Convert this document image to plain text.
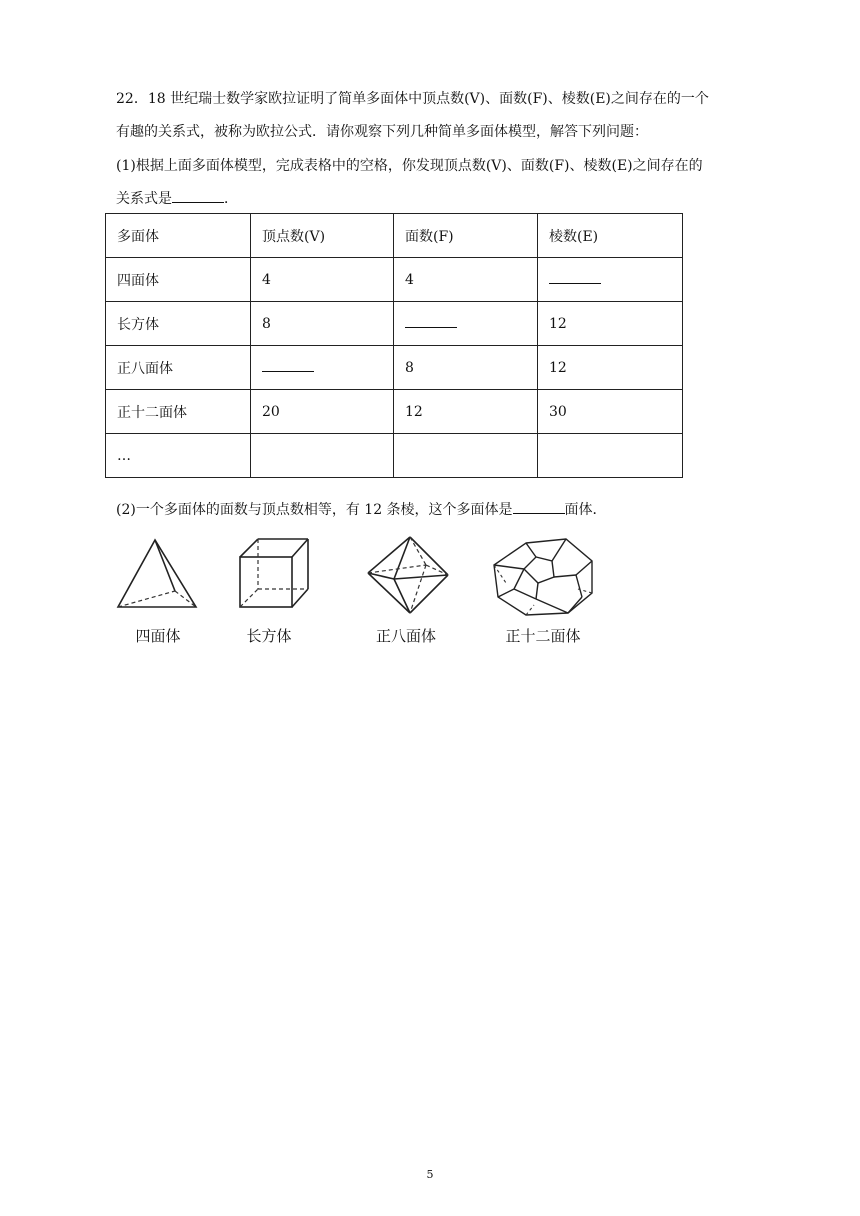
22．18 世纪瑞士数学家欧拉证明了简单多面体中顶点数(V)、面数(F)、棱数(E)之间存在的一个
有趣的关系式，被称为欧拉公式．请你观察下列几种简单多面体模型，解答下列问题：
(1)根据上面多面体模型，完成表格中的空格，你发现顶点数(V)、面数(F)、棱数(E)之间存在的
关系式是	．
多面体	顶点数(V)	面数(F)	棱数(E)
四面体	4	4	
长方体	8		12
正八面体		8	12
正十二面体	20	12	30
…			
(2)一个多面体的面数与顶点数相等，有 12 条棱，这个多面体是	面体．
四面体	长方体	正八面体	正十二面体
5
